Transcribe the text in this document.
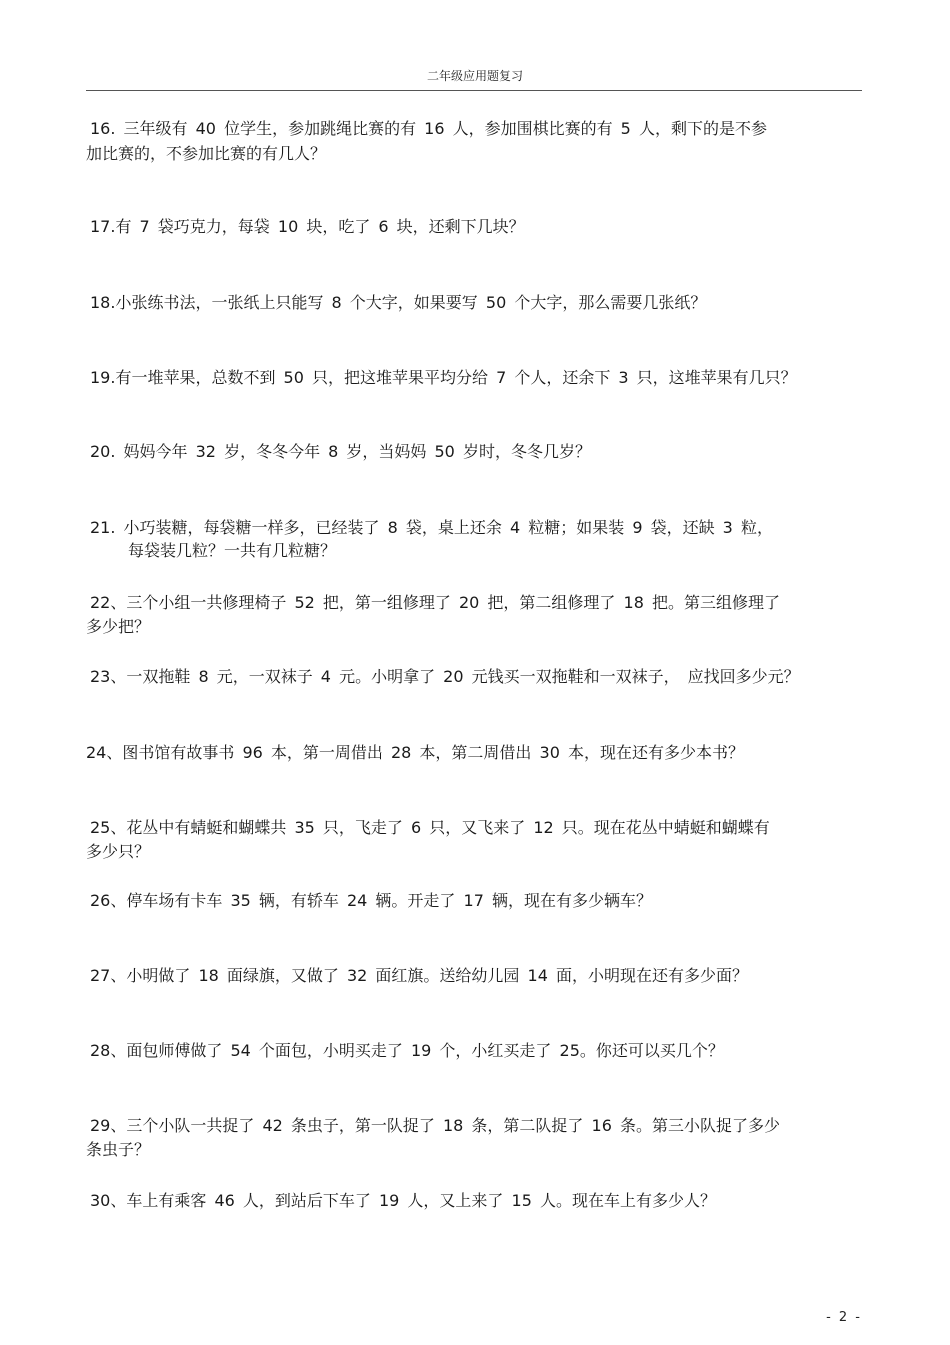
二年级应用题复习
16. 三年级有 40 位学生，参加跳绳比赛的有 16 人，参加围棋比赛的有 5 人，剩下的是不参
加比赛的，不参加比赛的有几人？
17.有 7 袋巧克力，每袋 10 块，吃了 6 块，还剩下几块？
18.小张练书法，一张纸上只能写 8 个大字，如果要写 50 个大字，那么需要几张纸？
19.有一堆苹果，总数不到 50 只，把这堆苹果平均分给 7 个人，还余下 3 只，这堆苹果有几只？
20. 妈妈今年 32 岁，冬冬今年 8 岁，当妈妈 50 岁时，冬冬几岁？
21. 小巧装糖，每袋糖一样多，已经装了 8 袋，桌上还余 4 粒糖；如果装 9 袋，还缺 3 粒，
每袋装几粒？一共有几粒糖？
22、三个小组一共修理椅子 52 把，第一组修理了 20 把，第二组修理了 18 把。第三组修理了
多少把？
23、一双拖鞋 8 元，一双袜子 4 元。小明拿了 20 元钱买一双拖鞋和一双袜子， 应找回多少元？
24、图书馆有故事书 96 本，第一周借出 28 本，第二周借出 30 本，现在还有多少本书？
25、花丛中有蜻蜓和蝴蝶共 35 只，飞走了 6 只，又飞来了 12 只。现在花丛中蜻蜓和蝴蝶有
多少只？
26、停车场有卡车 35 辆，有轿车 24 辆。开走了 17 辆，现在有多少辆车？
27、小明做了 18 面绿旗，又做了 32 面红旗。送给幼儿园 14 面，小明现在还有多少面？
28、面包师傅做了 54 个面包，小明买走了 19 个，小红买走了 25。你还可以买几个？
29、三个小队一共捉了 42 条虫子，第一队捉了 18 条，第二队捉了 16 条。第三小队捉了多少
条虫子？
30、车上有乘客 46 人，到站后下车了 19 人，又上来了 15 人。现在车上有多少人？
- 2 -
